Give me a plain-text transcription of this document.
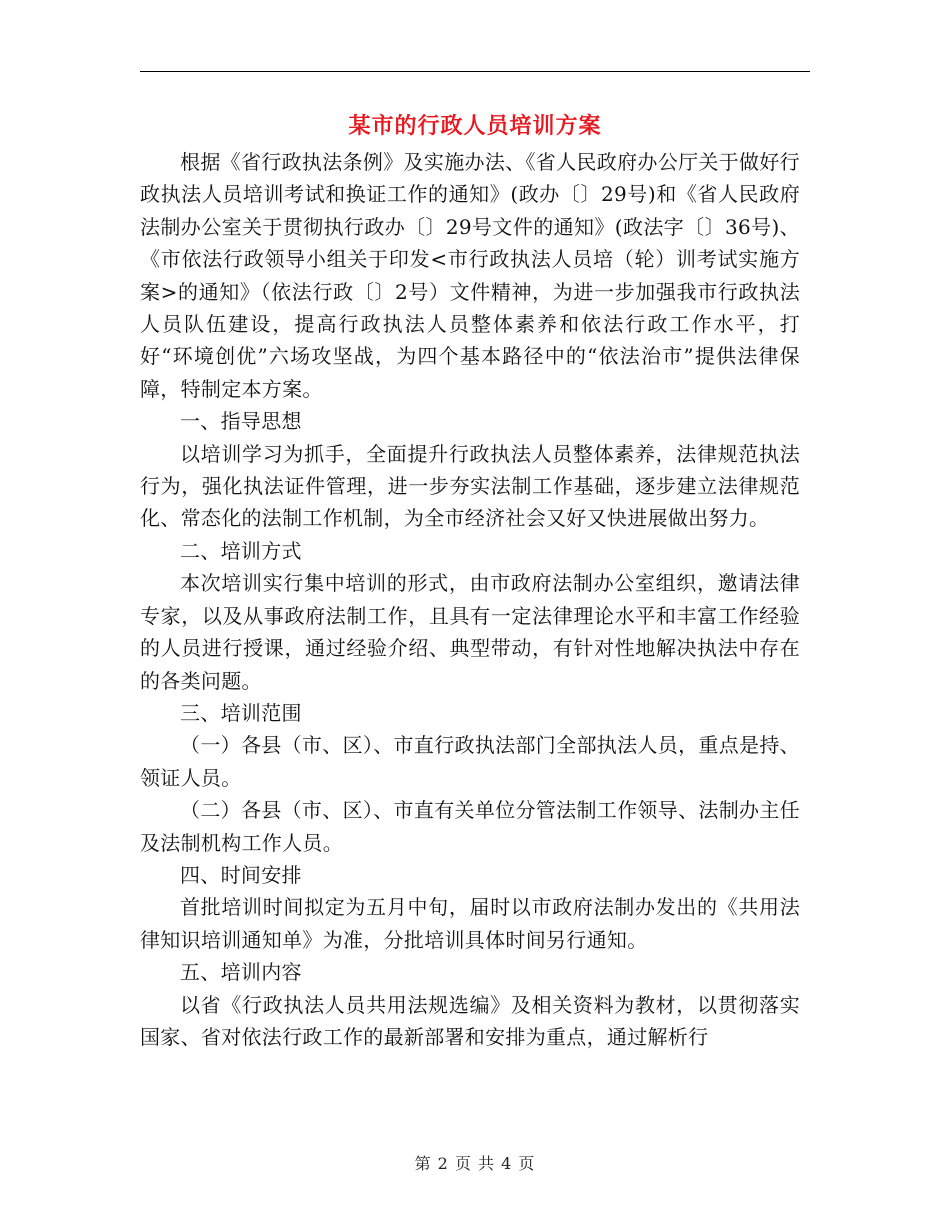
某市的行政人员培训方案

根据《省行政执法条例》及实施办法、《省人民政府办公厅关于做好行政执法人员培训考试和换证工作的通知》(政办〔〕29号)和《省人民政府法制办公室关于贯彻执行政办〔〕29号文件的通知》(政法字〔〕36号)、《市依法行政领导小组关于印发<市行政执法人员培（轮）训考试实施方案>的通知》（依法行政〔〕2号）文件精神，为进一步加强我市行政执法人员队伍建设，提高行政执法人员整体素养和依法行政工作水平，打好“环境创优”六场攻坚战，为四个基本路径中的“依法治市”提供法律保障，特制定本方案。

一、指导思想

以培训学习为抓手，全面提升行政执法人员整体素养，法律规范执法行为，强化执法证件管理，进一步夯实法制工作基础，逐步建立法律规范化、常态化的法制工作机制，为全市经济社会又好又快进展做出努力。

二、培训方式

本次培训实行集中培训的形式，由市政府法制办公室组织，邀请法律专家，以及从事政府法制工作，且具有一定法律理论水平和丰富工作经验的人员进行授课，通过经验介绍、典型带动，有针对性地解决执法中存在的各类问题。

三、培训范围

（一）各县（市、区）、市直行政执法部门全部执法人员，重点是持、领证人员。

（二）各县（市、区）、市直有关单位分管法制工作领导、法制办主任及法制机构工作人员。

四、时间安排

首批培训时间拟定为五月中旬，届时以市政府法制办发出的《共用法律知识培训通知单》为准，分批培训具体时间另行通知。

五、培训内容

以省《行政执法人员共用法规选编》及相关资料为教材，以贯彻落实国家、省对依法行政工作的最新部署和安排为重点，通过解析行

第 2 页 共 4 页
